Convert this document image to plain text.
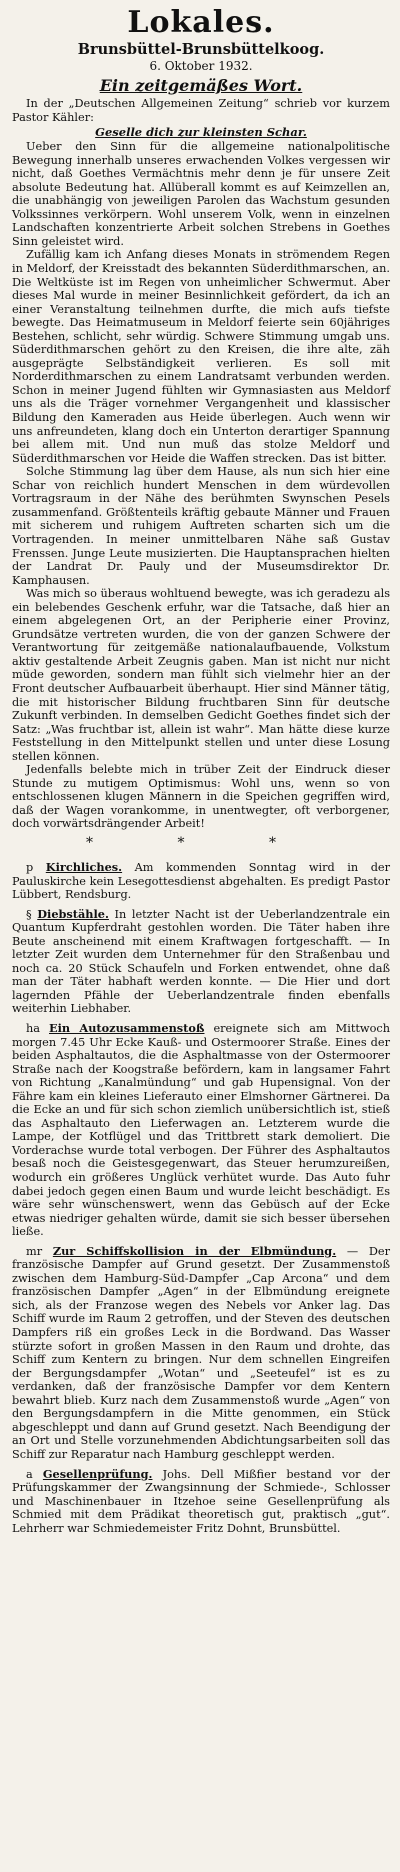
Lokales.
Brunsbüttel-Brunsbüttelkoog.
6. Oktober 1932.
Ein zeitgemäßes Wort.

In der „Deutschen Allgemeinen Zeitung“ schrieb vor kurzem Pastor Kähler:

Geselle dich zur kleinsten Schar.

Ueber den Sinn für die allgemeine nationalpolitische Bewegung innerhalb unseres erwachenden Volkes vergessen wir nicht, daß Goethes Vermächtnis mehr denn je für unsere Zeit absolute Bedeutung hat. Allüberall kommt es auf Keimzellen an, die unabhängig von jeweiligen Parolen das Wachstum gesunden Volkssinnes verkörpern. Wohl unserem Volk, wenn in einzelnen Landschaften konzentrierte Arbeit solchen Strebens in Goethes Sinn geleistet wird.

Zufällig kam ich Anfang dieses Monats in strömendem Regen in Meldorf, der Kreisstadt des bekannten Süderdithmarschen, an. Die Weltküste ist im Regen von unheimlicher Schwermut. Aber dieses Mal wurde in meiner Besinnlichkeit gefördert, da ich an einer Veranstaltung teilnehmen durfte, die mich aufs tiefste bewegte. Das Heimatmuseum in Meldorf feierte sein 60jähriges Bestehen, schlicht, sehr würdig. Schwere Stimmung umgab uns. Süderdithmarschen gehört zu den Kreisen, die ihre alte, zäh ausgeprägte Selbständigkeit verlieren. Es soll mit Norderdithmarschen zu einem Landratsamt verbunden werden. Schon in meiner Jugend fühlten wir Gymnasiasten aus Meldorf uns als die Träger vornehmer Vergangenheit und klassischer Bildung den Kameraden aus Heide überlegen. Auch wenn wir uns anfreundeten, klang doch ein Unterton derartiger Spannung bei allem mit. Und nun muß das stolze Meldorf und Süderdithmarschen vor Heide die Waffen strecken. Das ist bitter.

Solche Stimmung lag über dem Hause, als nun sich hier eine Schar von reichlich hundert Menschen in dem würdevollen Vortragsraum in der Nähe des berühmten Swynschen Pesels zusammenfand. Größtenteils kräftig gebaute Männer und Frauen mit sicherem und ruhigem Auftreten scharten sich um die Vortragenden. In meiner unmittelbaren Nähe saß Gustav Frenssen. Junge Leute musizierten. Die Hauptansprachen hielten der Landrat Dr. Pauly und der Museumsdirektor Dr. Kamphausen.

Was mich so überaus wohltuend bewegte, was ich geradezu als ein belebendes Geschenk erfuhr, war die Tatsache, daß hier an einem abgelegenen Ort, an der Peripherie einer Provinz, Grundsätze vertreten wurden, die von der ganzen Schwere der Verantwortung für zeitgemäße nationalaufbauende, Volkstum aktiv gestaltende Arbeit Zeugnis gaben. Man ist nicht nur nicht müde geworden, sondern man fühlt sich vielmehr hier an der Front deutscher Aufbauarbeit überhaupt. Hier sind Männer tätig, die mit historischer Bildung fruchtbaren Sinn für deutsche Zukunft verbinden. In demselben Gedicht Goethes findet sich der Satz: „Was fruchtbar ist, allein ist wahr“. Man hätte diese kurze Feststellung in den Mittelpunkt stellen und unter diese Losung stellen können.

Jedenfalls belebte mich in trüber Zeit der Eindruck dieser Stunde zu mutigem Optimismus: Wohl uns, wenn so von entschlossenen klugen Männern in die Speichen gegriffen wird, daß der Wagen vorankomme, in unentwegter, oft verborgener, doch vorwärtsdrängender Arbeit!

* * *

p Kirchliches. Am kommenden Sonntag wird in der Pauluskirche kein Lesegottesdienst abgehalten. Es predigt Pastor Lübbert, Rendsburg.

§ Diebstähle. In letzter Nacht ist der Ueberlandzentrale ein Quantum Kupferdraht gestohlen worden. Die Täter haben ihre Beute anscheinend mit einem Kraftwagen fortgeschafft. — In letzter Zeit wurden dem Unternehmer für den Straßenbau und noch ca. 20 Stück Schaufeln und Forken entwendet, ohne daß man der Täter habhaft werden konnte. — Die Hier und dort lagernden Pfähle der Ueberlandzentrale finden ebenfalls weiterhin Liebhaber.

ha Ein Autozusammenstoß ereignete sich am Mittwoch morgen 7.45 Uhr Ecke Kauß- und Ostermoorer Straße. Eines der beiden Asphaltautos, die die Asphaltmasse von der Ostermoorer Straße nach der Koogstraße befördern, kam in langsamer Fahrt von Richtung „Kanalmündung“ und gab Hupensignal. Von der Fähre kam ein kleines Lieferauto einer Elmshorner Gärtnerei. Da die Ecke an und für sich schon ziemlich unübersichtlich ist, stieß das Asphaltauto den Lieferwagen an. Letzterem wurde die Lampe, der Kotflügel und das Trittbrett stark demoliert. Die Vorderachse wurde total verbogen. Der Führer des Asphaltautos besaß noch die Geistesgegenwart, das Steuer herumzureißen, wodurch ein größeres Unglück verhütet wurde. Das Auto fuhr dabei jedoch gegen einen Baum und wurde leicht beschädigt. Es wäre sehr wünschenswert, wenn das Gebüsch auf der Ecke etwas niedriger gehalten würde, damit sie sich besser übersehen ließe.

mr Zur Schiffskollision in der Elbmündung. — Der französische Dampfer auf Grund gesetzt. Der Zusammenstoß zwischen dem Hamburg-Süd-Dampfer „Cap Arcona“ und dem französischen Dampfer „Agen“ in der Elbmündung ereignete sich, als der Franzose wegen des Nebels vor Anker lag. Das Schiff wurde im Raum 2 getroffen, und der Steven des deutschen Dampfers riß ein großes Leck in die Bordwand. Das Wasser stürzte sofort in großen Massen in den Raum und drohte, das Schiff zum Kentern zu bringen. Nur dem schnellen Eingreifen der Bergungsdampfer „Wotan“ und „Seeteufel“ ist es zu verdanken, daß der französische Dampfer vor dem Kentern bewahrt blieb. Kurz nach dem Zusammenstoß wurde „Agen“ von den Bergungsdampfern in die Mitte genommen, ein Stück abgeschleppt und dann auf Grund gesetzt. Nach Beendigung der an Ort und Stelle vorzunehmenden Abdichtungsarbeiten soll das Schiff zur Reparatur nach Hamburg geschleppt werden.

a Gesellenprüfung. Johs. Dell Mißfier bestand vor der Prüfungskammer der Zwangsinnung der Schmiede-, Schlosser und Maschinenbauer in Itzehoe seine Gesellenprüfung als Schmied mit dem Prädikat theoretisch gut, praktisch „gut“. Lehrherr war Schmiedemeister Fritz Dohnt, Brunsbüttel.
